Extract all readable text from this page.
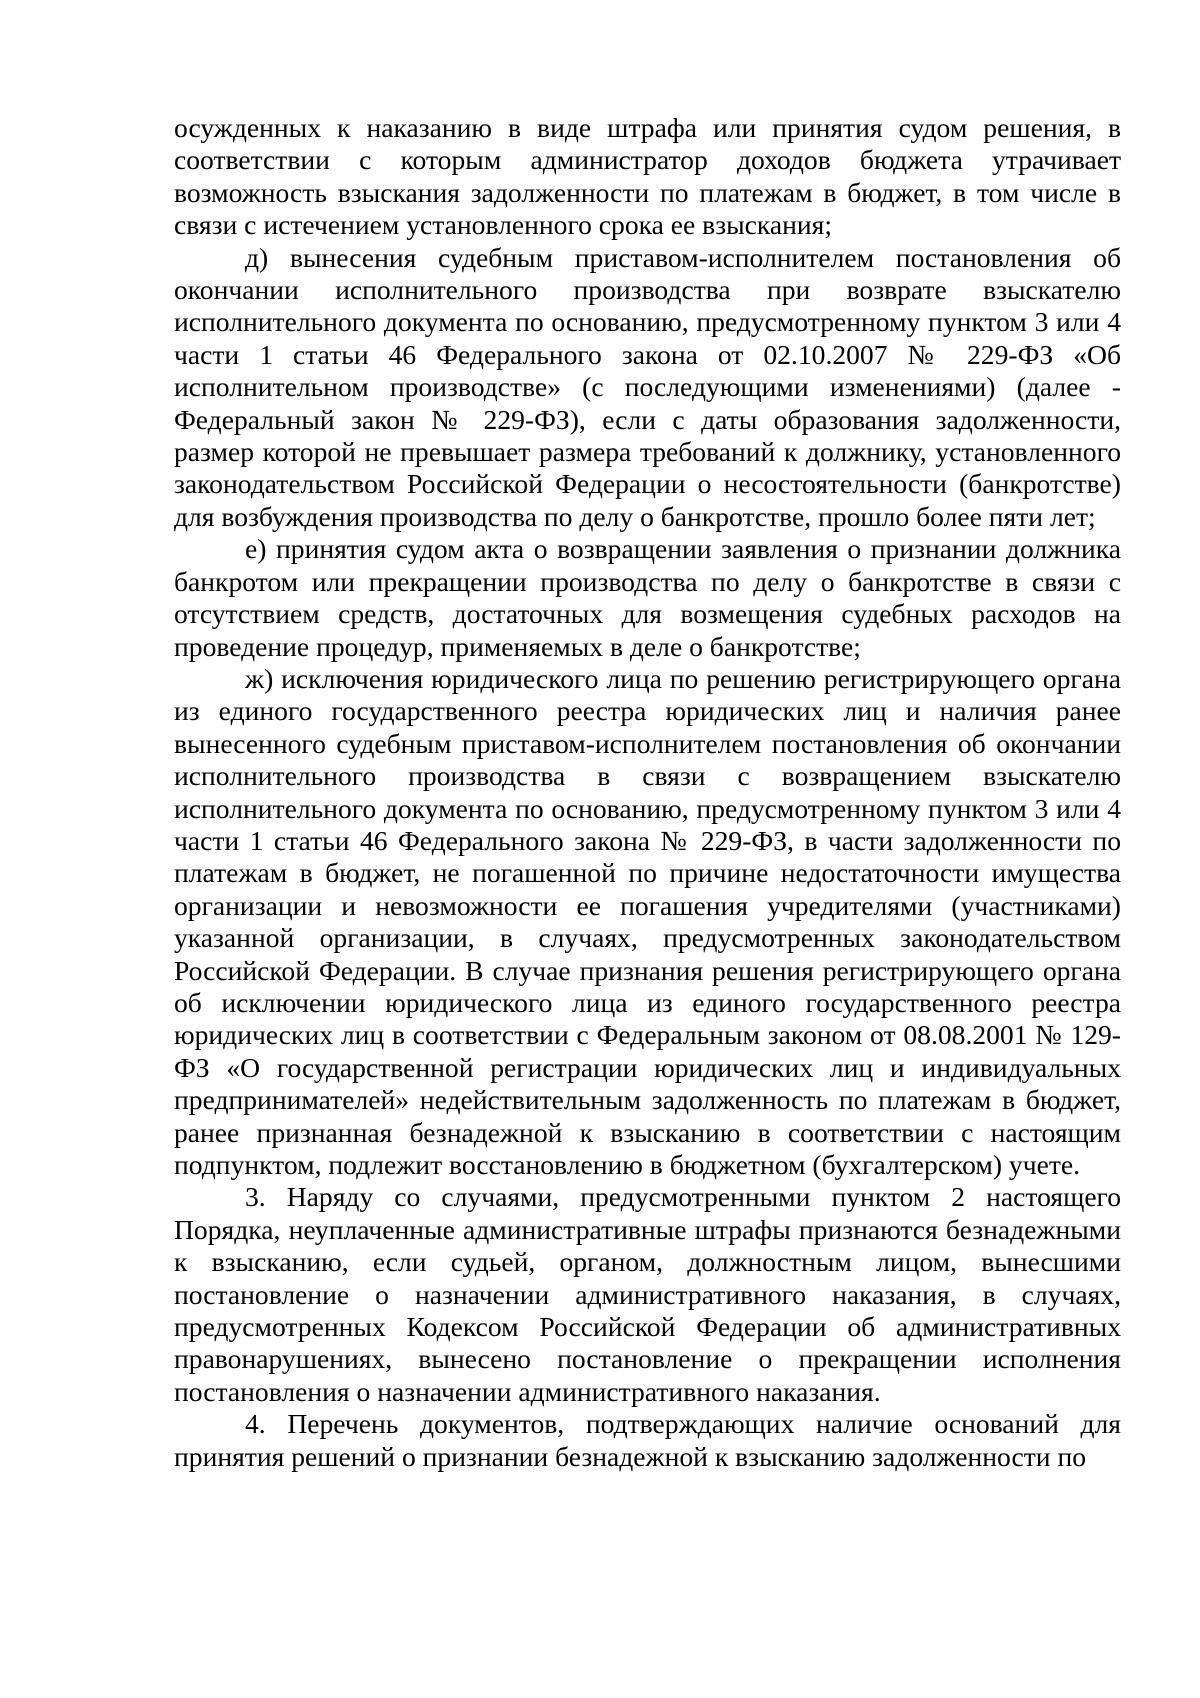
осужденных к наказанию в виде штрафа или принятия судом решения, в соответствии с которым администратор доходов бюджета утрачивает возможность взыскания задолженности по платежам в бюджет, в том числе в связи с истечением установленного срока ее взыскания;

д) вынесения судебным приставом-исполнителем постановления об окончании исполнительного производства при возврате взыскателю исполнительного документа по основанию, предусмотренному пунктом 3 или 4 части 1 статьи 46 Федерального закона от 02.10.2007 № 229-ФЗ «Об исполнительном производстве» (с последующими изменениями) (далее - Федеральный закон № 229-ФЗ), если с даты образования задолженности, размер которой не превышает размера требований к должнику, установленного законодательством Российской Федерации о несостоятельности (банкротстве) для возбуждения производства по делу о банкротстве, прошло более пяти лет;

е) принятия судом акта о возвращении заявления о признании должника банкротом или прекращении производства по делу о банкротстве в связи с отсутствием средств, достаточных для возмещения судебных расходов на проведение процедур, применяемых в деле о банкротстве;

ж) исключения юридического лица по решению регистрирующего органа из единого государственного реестра юридических лиц и наличия ранее вынесенного судебным приставом-исполнителем постановления об окончании исполнительного производства в связи с возвращением взыскателю исполнительного документа по основанию, предусмотренному пунктом 3 или 4 части 1 статьи 46 Федерального закона № 229-ФЗ, в части задолженности по платежам в бюджет, не погашенной по причине недостаточности имущества организации и невозможности ее погашения учредителями (участниками) указанной организации, в случаях, предусмотренных законодательством Российской Федерации. В случае признания решения регистрирующего органа об исключении юридического лица из единого государственного реестра юридических лиц в соответствии с Федеральным законом от 08.08.2001 № 129-ФЗ «О государственной регистрации юридических лиц и индивидуальных предпринимателей» недействительным задолженность по платежам в бюджет, ранее признанная безнадежной к взысканию в соответствии с настоящим подпунктом, подлежит восстановлению в бюджетном (бухгалтерском) учете.

3. Наряду со случаями, предусмотренными пунктом 2 настоящего Порядка, неуплаченные административные штрафы признаются безнадежными к взысканию, если судьей, органом, должностным лицом, вынесшими постановление о назначении административного наказания, в случаях, предусмотренных Кодексом Российской Федерации об административных правонарушениях, вынесено постановление о прекращении исполнения постановления о назначении административного наказания.

4. Перечень документов, подтверждающих наличие оснований для принятия решений о признании безнадежной к взысканию задолженности по
